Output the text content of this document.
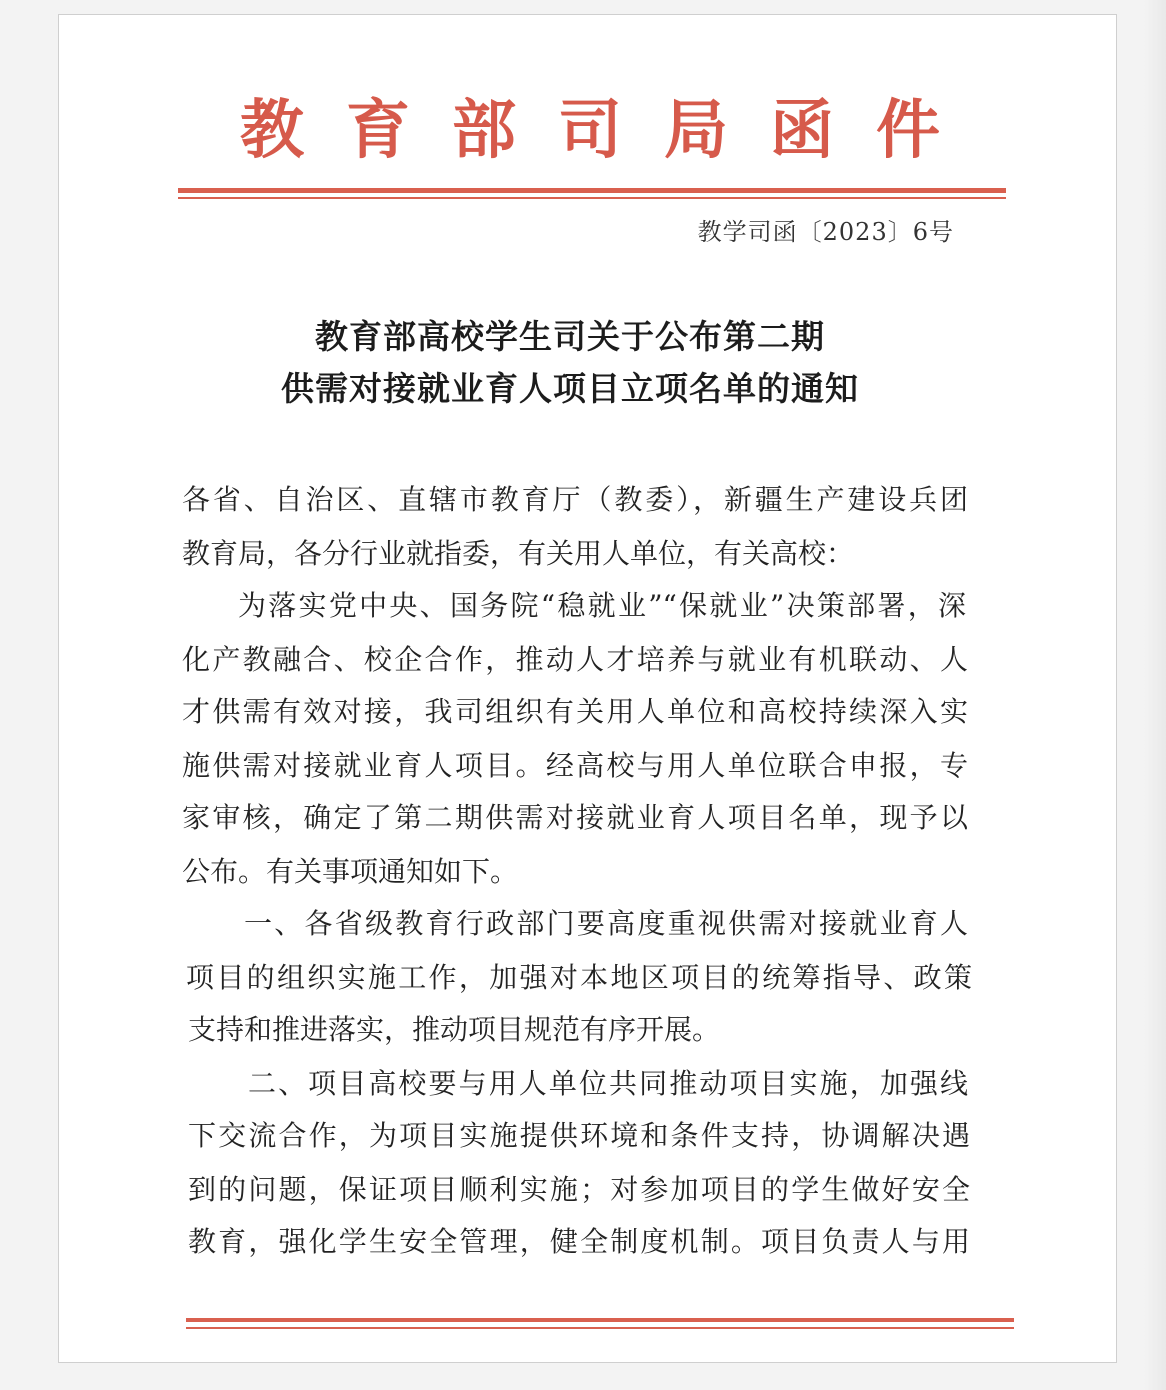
教 育 部 司 局 函 件
教学司函〔2023〕6号
教育部高校学生司关于公布第二期
供需对接就业育人项目立项名单的通知
各省、自治区、直辖市教育厅（教委），新疆生产建设兵团
教育局，各分行业就指委，有关用人单位，有关高校：
为落实党中央、国务院“稳就业”“保就业”决策部署，深
化产教融合、校企合作，推动人才培养与就业有机联动、人
才供需有效对接，我司组织有关用人单位和高校持续深入实
施供需对接就业育人项目。经高校与用人单位联合申报，专
家审核，确定了第二期供需对接就业育人项目名单，现予以
公布。有关事项通知如下。
一、各省级教育行政部门要高度重视供需对接就业育人
项目的组织实施工作，加强对本地区项目的统筹指导、政策
支持和推进落实，推动项目规范有序开展。
二、项目高校要与用人单位共同推动项目实施，加强线
下交流合作，为项目实施提供环境和条件支持，协调解决遇
到的问题，保证项目顺利实施；对参加项目的学生做好安全
教育，强化学生安全管理，健全制度机制。项目负责人与用
